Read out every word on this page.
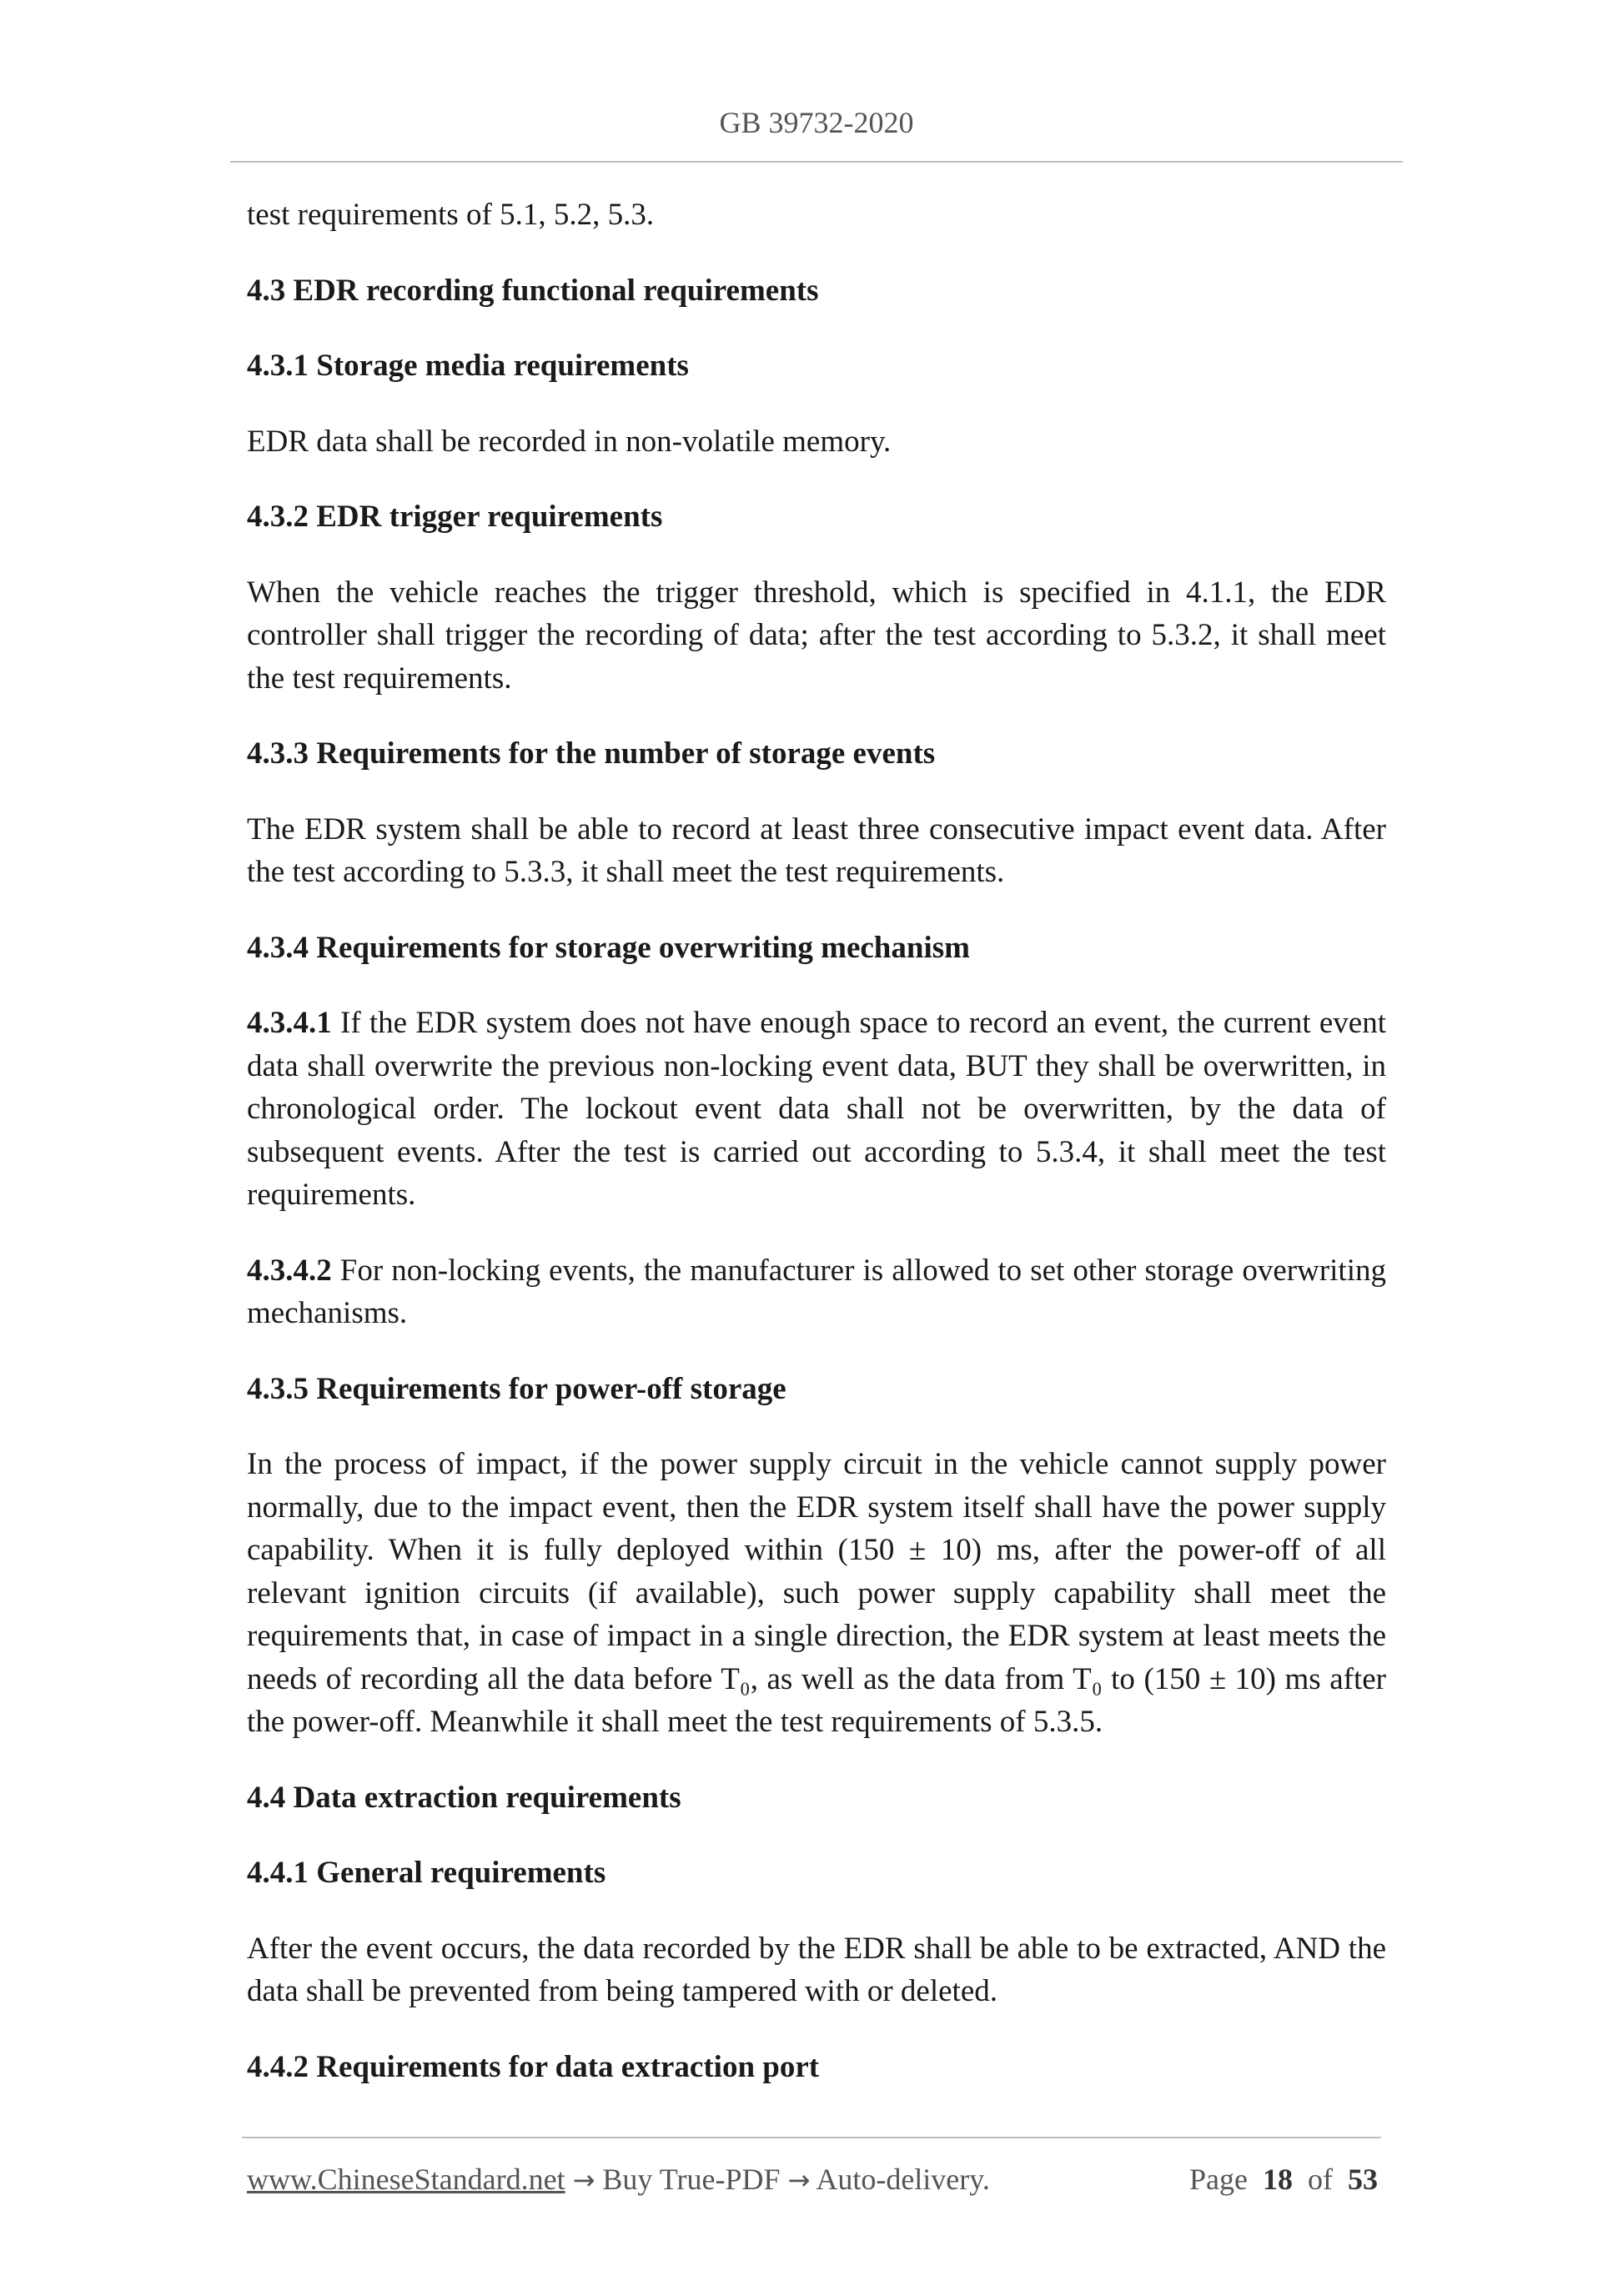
GB 39732-2020

test requirements of 5.1, 5.2, 5.3.

4.3 EDR recording functional requirements

4.3.1 Storage media requirements

EDR data shall be recorded in non-volatile memory.

4.3.2 EDR trigger requirements

When the vehicle reaches the trigger threshold, which is specified in 4.1.1, the EDR controller shall trigger the recording of data; after the test according to 5.3.2, it shall meet the test requirements.

4.3.3 Requirements for the number of storage events

The EDR system shall be able to record at least three consecutive impact event data. After the test according to 5.3.3, it shall meet the test requirements.

4.3.4 Requirements for storage overwriting mechanism

4.3.4.1 If the EDR system does not have enough space to record an event, the current event data shall overwrite the previous non-locking event data, BUT they shall be overwritten, in chronological order. The lockout event data shall not be overwritten, by the data of subsequent events. After the test is carried out according to 5.3.4, it shall meet the test requirements.

4.3.4.2 For non-locking events, the manufacturer is allowed to set other storage overwriting mechanisms.

4.3.5 Requirements for power-off storage

In the process of impact, if the power supply circuit in the vehicle cannot supply power normally, due to the impact event, then the EDR system itself shall have the power supply capability. When it is fully deployed within (150 ± 10) ms, after the power-off of all relevant ignition circuits (if available), such power supply capability shall meet the requirements that, in case of impact in a single direction, the EDR system at least meets the needs of recording all the data before T₀, as well as the data from T₀ to (150 ± 10) ms after the power-off. Meanwhile it shall meet the test requirements of 5.3.5.

4.4 Data extraction requirements

4.4.1 General requirements

After the event occurs, the data recorded by the EDR shall be able to be extracted, AND the data shall be prevented from being tampered with or deleted.

4.4.2 Requirements for data extraction port

www.ChineseStandard.net → Buy True-PDF → Auto-delivery.	Page 18 of 53
